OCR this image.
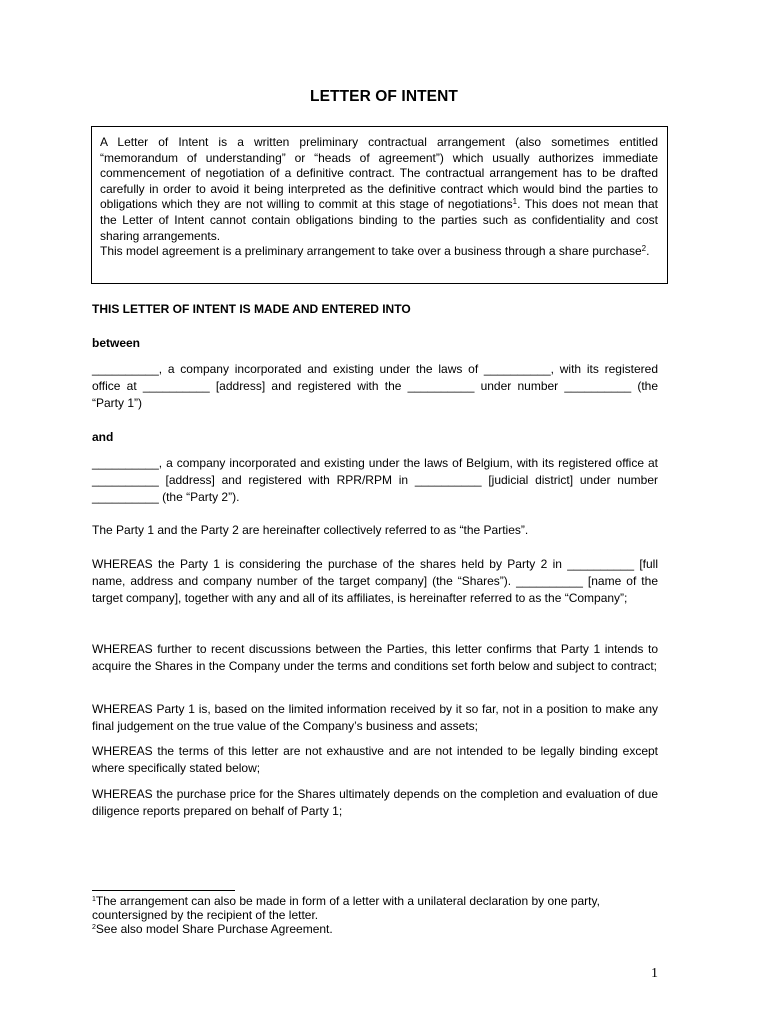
LETTER OF INTENT

A Letter of Intent is a written preliminary contractual arrangement (also sometimes entitled “memorandum of understanding” or “heads of agreement”) which usually authorizes immediate commencement of negotiation of a definitive contract. The contractual arrangement has to be drafted carefully in order to avoid it being interpreted as the definitive contract which would bind the parties to obligations which they are not willing to commit at this stage of negotiations$^1$. This does not mean that the Letter of Intent cannot contain obligations binding to the parties such as confidentiality and cost sharing arrangements.

This model agreement is a preliminary arrangement to take over a business through a share purchase$^2$.

THIS LETTER OF INTENT IS MADE AND ENTERED INTO

between

__________, a company incorporated and existing under the laws of __________, with its registered office at __________ [address] and registered with the __________ under number __________ (the “Party 1”)

and

__________, a company incorporated and existing under the laws of Belgium, with its registered office at __________ [address] and registered with RPR/RPM in __________ [judicial district] under number __________ (the “Party 2”).

The Party 1 and the Party 2 are hereinafter collectively referred to as “the Parties”.

WHEREAS the Party 1 is considering the purchase of the shares held by Party 2 in __________ [full name, address and company number of the target company] (the “Shares”). __________ [name of the target company], together with any and all of its affiliates, is hereinafter referred to as the “Company”;

WHEREAS further to recent discussions between the Parties, this letter confirms that Party 1 intends to acquire the Shares in the Company under the terms and conditions set forth below and subject to contract;

WHEREAS Party 1 is, based on the limited information received by it so far, not in a position to make any final judgement on the true value of the Company’s business and assets;

WHEREAS the terms of this letter are not exhaustive and are not intended to be legally binding except where specifically stated below;

WHEREAS the purchase price for the Shares ultimately depends on the completion and evaluation of due diligence reports prepared on behalf of Party 1;

$^1$The arrangement can also be made in form of a letter with a unilateral declaration by one party, countersigned by the recipient of the letter.

$^2$See also model Share Purchase Agreement.

1
